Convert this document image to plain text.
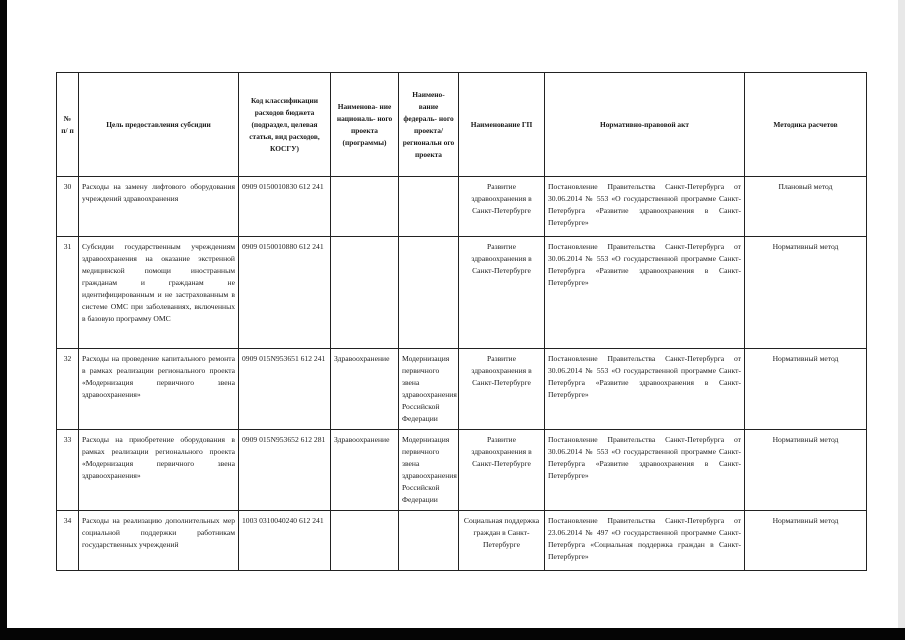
№ п/ п	Цель предоставления субсидии	Код классификации расходов бюджета (подраздел, целевая статья, вид расходов, КОСГУ)	Наименова- ние националь- ного проекта (программы)	Наимено- вание федераль- ного проекта/ региональн ого проекта	Наименование ГП	Нормативно-правовой акт	Методика расчетов
30	Расходы на замену лифтового оборудования учреждений здравоохранения	0909 0150010830 612 241			Развитие здравоохранения в Санкт-Петербурге	Постановление Правительства Санкт-Петербурга от 30.06.2014 № 553 «О государственной программе Санкт-Петербурга «Развитие здравоохранения в Санкт-Петербурге»	Плановый метод
31	Субсидии государственным учреждениям здравоохранения на оказание экстренной медицинской помощи иностранным гражданам и гражданам не идентифицированным и не застрахованным в системе ОМС при заболеваниях, включенных в базовую программу ОМС	0909 0150010880 612 241			Развитие здравоохранения в Санкт-Петербурге	Постановление Правительства Санкт-Петербурга от 30.06.2014 № 553 «О государственной программе Санкт-Петербурга «Развитие здравоохранения в Санкт-Петербурге»	Нормативный метод
32	Расходы на проведение капитального ремонта в рамках реализации регионального проекта «Модернизация первичного звена здравоохранения»	0909 015N953651 612 241	Здравоохранение	Модернизация первичного звена здравоохранения Российской Федерации	Развитие здравоохранения в Санкт-Петербурге	Постановление Правительства Санкт-Петербурга от 30.06.2014 № 553 «О государственной программе Санкт-Петербурга «Развитие здравоохранения в Санкт-Петербурге»	Нормативный метод
33	Расходы на приобретение оборудования в рамках реализации регионального проекта «Модернизация первичного звена здравоохранения»	0909 015N953652 612 281	Здравоохранение	Модернизация первичного звена здравоохранения Российской Федерации	Развитие здравоохранения в Санкт-Петербурге	Постановление Правительства Санкт-Петербурга от 30.06.2014 № 553 «О государственной программе Санкт-Петербурга «Развитие здравоохранения в Санкт-Петербурге»	Нормативный метод
34	Расходы на реализацию дополнительных мер социальной поддержки работникам государственных учреждений	1003 0310040240 612 241			Социальная поддержка граждан в Санкт-Петербурге	Постановление Правительства Санкт-Петербурга от 23.06.2014 № 497 «О государственной программе Санкт-Петербурга «Социальная поддержка граждан в Санкт-Петербурге»	Нормативный метод
